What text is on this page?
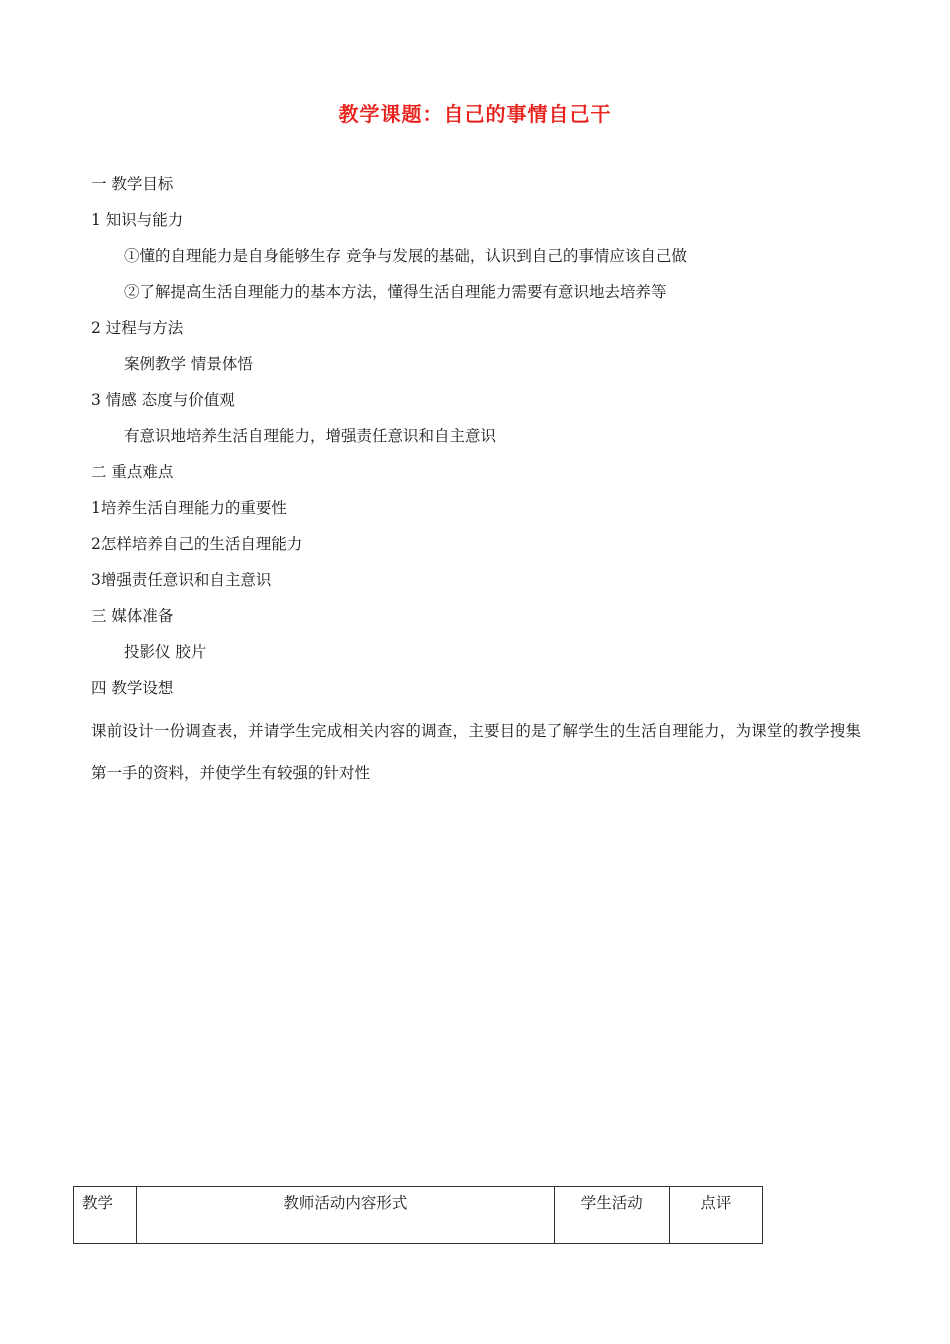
教学课题：自己的事情自己干
一 教学目标
1 知识与能力
①懂的自理能力是自身能够生存 竞争与发展的基础，认识到自己的事情应该自己做
②了解提高生活自理能力的基本方法，懂得生活自理能力需要有意识地去培养等
2 过程与方法
案例教学 情景体悟
3 情感 态度与价值观
有意识地培养生活自理能力，增强责任意识和自主意识
二 重点难点
1培养生活自理能力的重要性
2怎样培养自己的生活自理能力
3增强责任意识和自主意识
三 媒体准备
投影仪 胶片
四 教学设想
课前设计一份调查表，并请学生完成相关内容的调查，主要目的是了解学生的生活自理能力，为课堂的教学搜集第一手的资料，并使学生有较强的针对性
教学	教师活动内容形式	学生活动	点评
